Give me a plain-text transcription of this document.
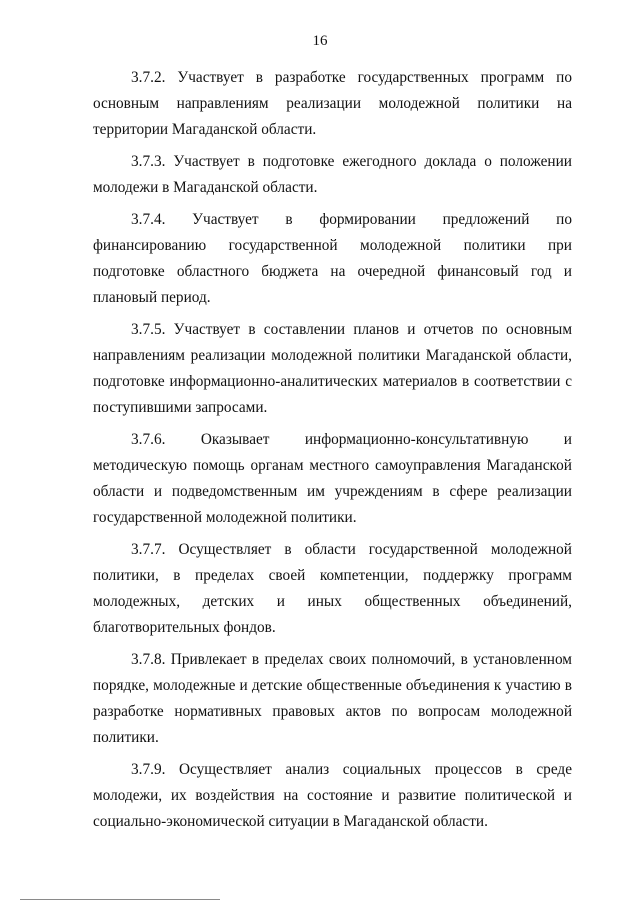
16

3.7.2. Участвует в разработке государственных программ по основным направлениям реализации молодежной политики на территории Магаданской области.

3.7.3. Участвует в подготовке ежегодного доклада о положении молодежи в Магаданской области.

3.7.4. Участвует в формировании предложений по финансированию государственной молодежной политики при подготовке областного бюджета на очередной финансовый год и плановый период.

3.7.5. Участвует в составлении планов и отчетов по основным направлениям реализации молодежной политики Магаданской области, подготовке информационно-аналитических материалов в соответствии с поступившими запросами.

3.7.6. Оказывает информационно-консультативную и методическую помощь органам местного самоуправления Магаданской области и подведомственным им учреждениям в сфере реализации государственной молодежной политики.

3.7.7. Осуществляет в области государственной молодежной политики, в пределах своей компетенции, поддержку программ молодежных, детских и иных общественных объединений, благотворительных фондов.

3.7.8. Привлекает в пределах своих полномочий, в установленном порядке, молодежные и детские общественные объединения к участию в разработке нормативных правовых актов по вопросам молодежной политики.

3.7.9. Осуществляет анализ социальных процессов в среде молодежи, их воздействия на состояние и развитие политической и социально-экономической ситуации в Магаданской области.
